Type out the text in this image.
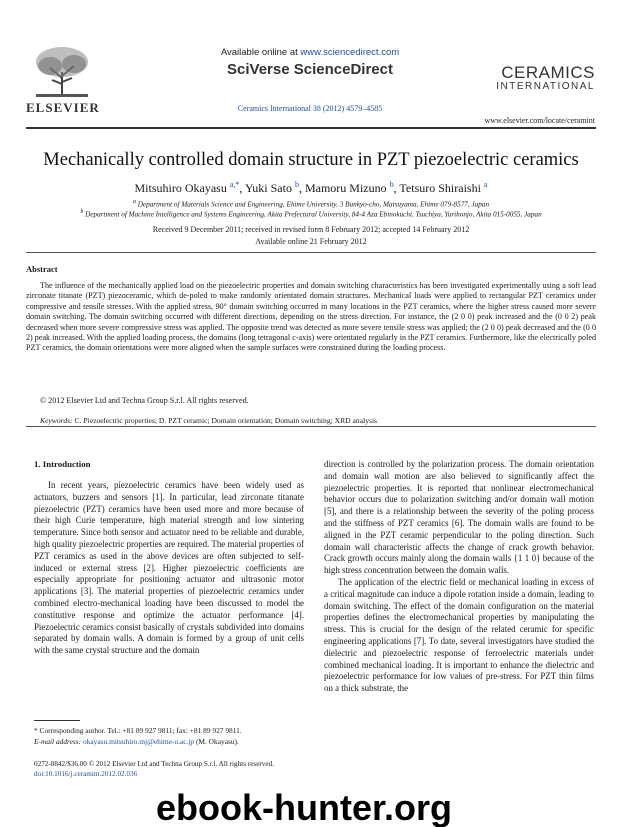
ELSEVIER
Available online at www.sciencedirect.com
SciVerse ScienceDirect
Ceramics International 38 (2012) 4579–4585
CERAMICS
INTERNATIONAL
www.elsevier.com/locate/ceramint
Mechanically controlled domain structure in PZT piezoelectric ceramics
Mitsuhiro Okayasu $^{a,*}$, Yuki Sato $^b$, Mamoru Mizuno $^b$, Tetsuro Shiraishi $^a$
$^a$ Department of Materials Science and Engineering, Ehime University, 3 Bunkyo-cho, Matsuyama, Ehime 079-8577, Japan
$^b$ Department of Machine Intelligence and Systems Engineering, Akita Prefectural University, 84-4 Aza Ebinokuchi, Tsuchiya, Yurihonjo, Akita 015-0055, Japan
Received 9 December 2011; received in revised form 8 February 2012; accepted 14 February 2012
Available online 21 February 2012
Abstract
The influence of the mechanically applied load on the piezoelectric properties and domain switching characteristics has been investigated experimentally using a soft lead zirconate titanate (PZT) piezoceramic, which de-poled to make randomly orientated domain structures. Mechanical loads were applied to rectangular PZT ceramics under compressive and tensile stresses. With the applied stress, 90° domain switching occurred in many locations in the PZT ceramics, where the higher stress caused more severe domain switching. The domain switching occurred with different directions, depending on the stress direction. For instance, the (2 0 0) peak increased and the (0 0 2) peak decreased when more severe compressive stress was applied. The opposite trend was detected as more severe tensile stress was applied; the (2 0 0) peak decreased and the (0 0 2) peak increased. With the applied loading process, the domains (long tetragonal c-axis) were orientated regularly in the PZT ceramics. Furthermore, like the electrically poled PZT ceramics, the domain orientations were more aligned when the sample surfaces were constrained during the loading process.
© 2012 Elsevier Ltd and Techna Group S.r.l. All rights reserved.
Keywords: C. Piezoelectric properties; D. PZT ceramic; Domain orientation; Domain switching; XRD analysis
1. Introduction
In recent years, piezoelectric ceramics have been widely used as actuators, buzzers and sensors [1]. In particular, lead zirconate titanate piezoelectric (PZT) ceramics have been used more and more because of their high Curie temperature, high material strength and low sintering temperature. Since both sensor and actuator need to be reliable and durable, high quality piezoelectric properties are required. The material properties of PZT ceramics as used in the above devices are often subjected to self-induced or external stress [2]. Higher piezoelectric coefficients are especially appropriate for positioning actuator and ultrasonic motor applications [3]. The material properties of piezoelectric ceramics under combined electro-mechanical loading have been discussed to model the constitutive response and optimize the actuator performance [4]. Piezoelectric ceramics consist basically of crystals subdivided into domains separated by domain walls. A domain is formed by a group of unit cells with the same crystal structure and the domain

direction is controlled by the polarization process. The domain orientation and domain wall motion are also believed to significantly affect the piezoelectric properties. It is reported that nonlinear electromechanical behavior occurs due to polarization switching and/or domain wall motion [5], and there is a relationship between the severity of the poling process and the stiffness of PZT ceramics [6]. The domain walls are found to be aligned in the PZT ceramic perpendicular to the poling direction. Such domain wall characteristic affects the change of crack growth behavior. Crack growth occurs mainly along the domain walls {1 1 0} because of the high stress concentration between the domain walls.

The application of the electric field or mechanical loading in excess of a critical magnitude can induce a dipole rotation inside a domain, leading to domain switching. The effect of the domain configuration on the material properties defines the electromechanical properties by manipulating the stress. This is crucial for the design of the related ceramic for specific engineering applications [7]. To date, several investigators have studied the dielectric and piezoelectric response of ferroelectric materials under combined mechanical loading. It is important to enhance the dielectric and piezoelectric performance for low values of pre-stress. For PZT thin films on a thick substrate, the

* Corresponding author. Tel.: +81 89 927 9811; fax: +81 89 927 9811.
E-mail address: okayasu.mitsuhiro.mj@ehime-u.ac.jp (M. Okayasu).
0272-8842/$36.00 © 2012 Elsevier Ltd and Techna Group S.r.l. All rights reserved.
doi:10.1016/j.ceramint.2012.02.036
ebook-hunter.org
